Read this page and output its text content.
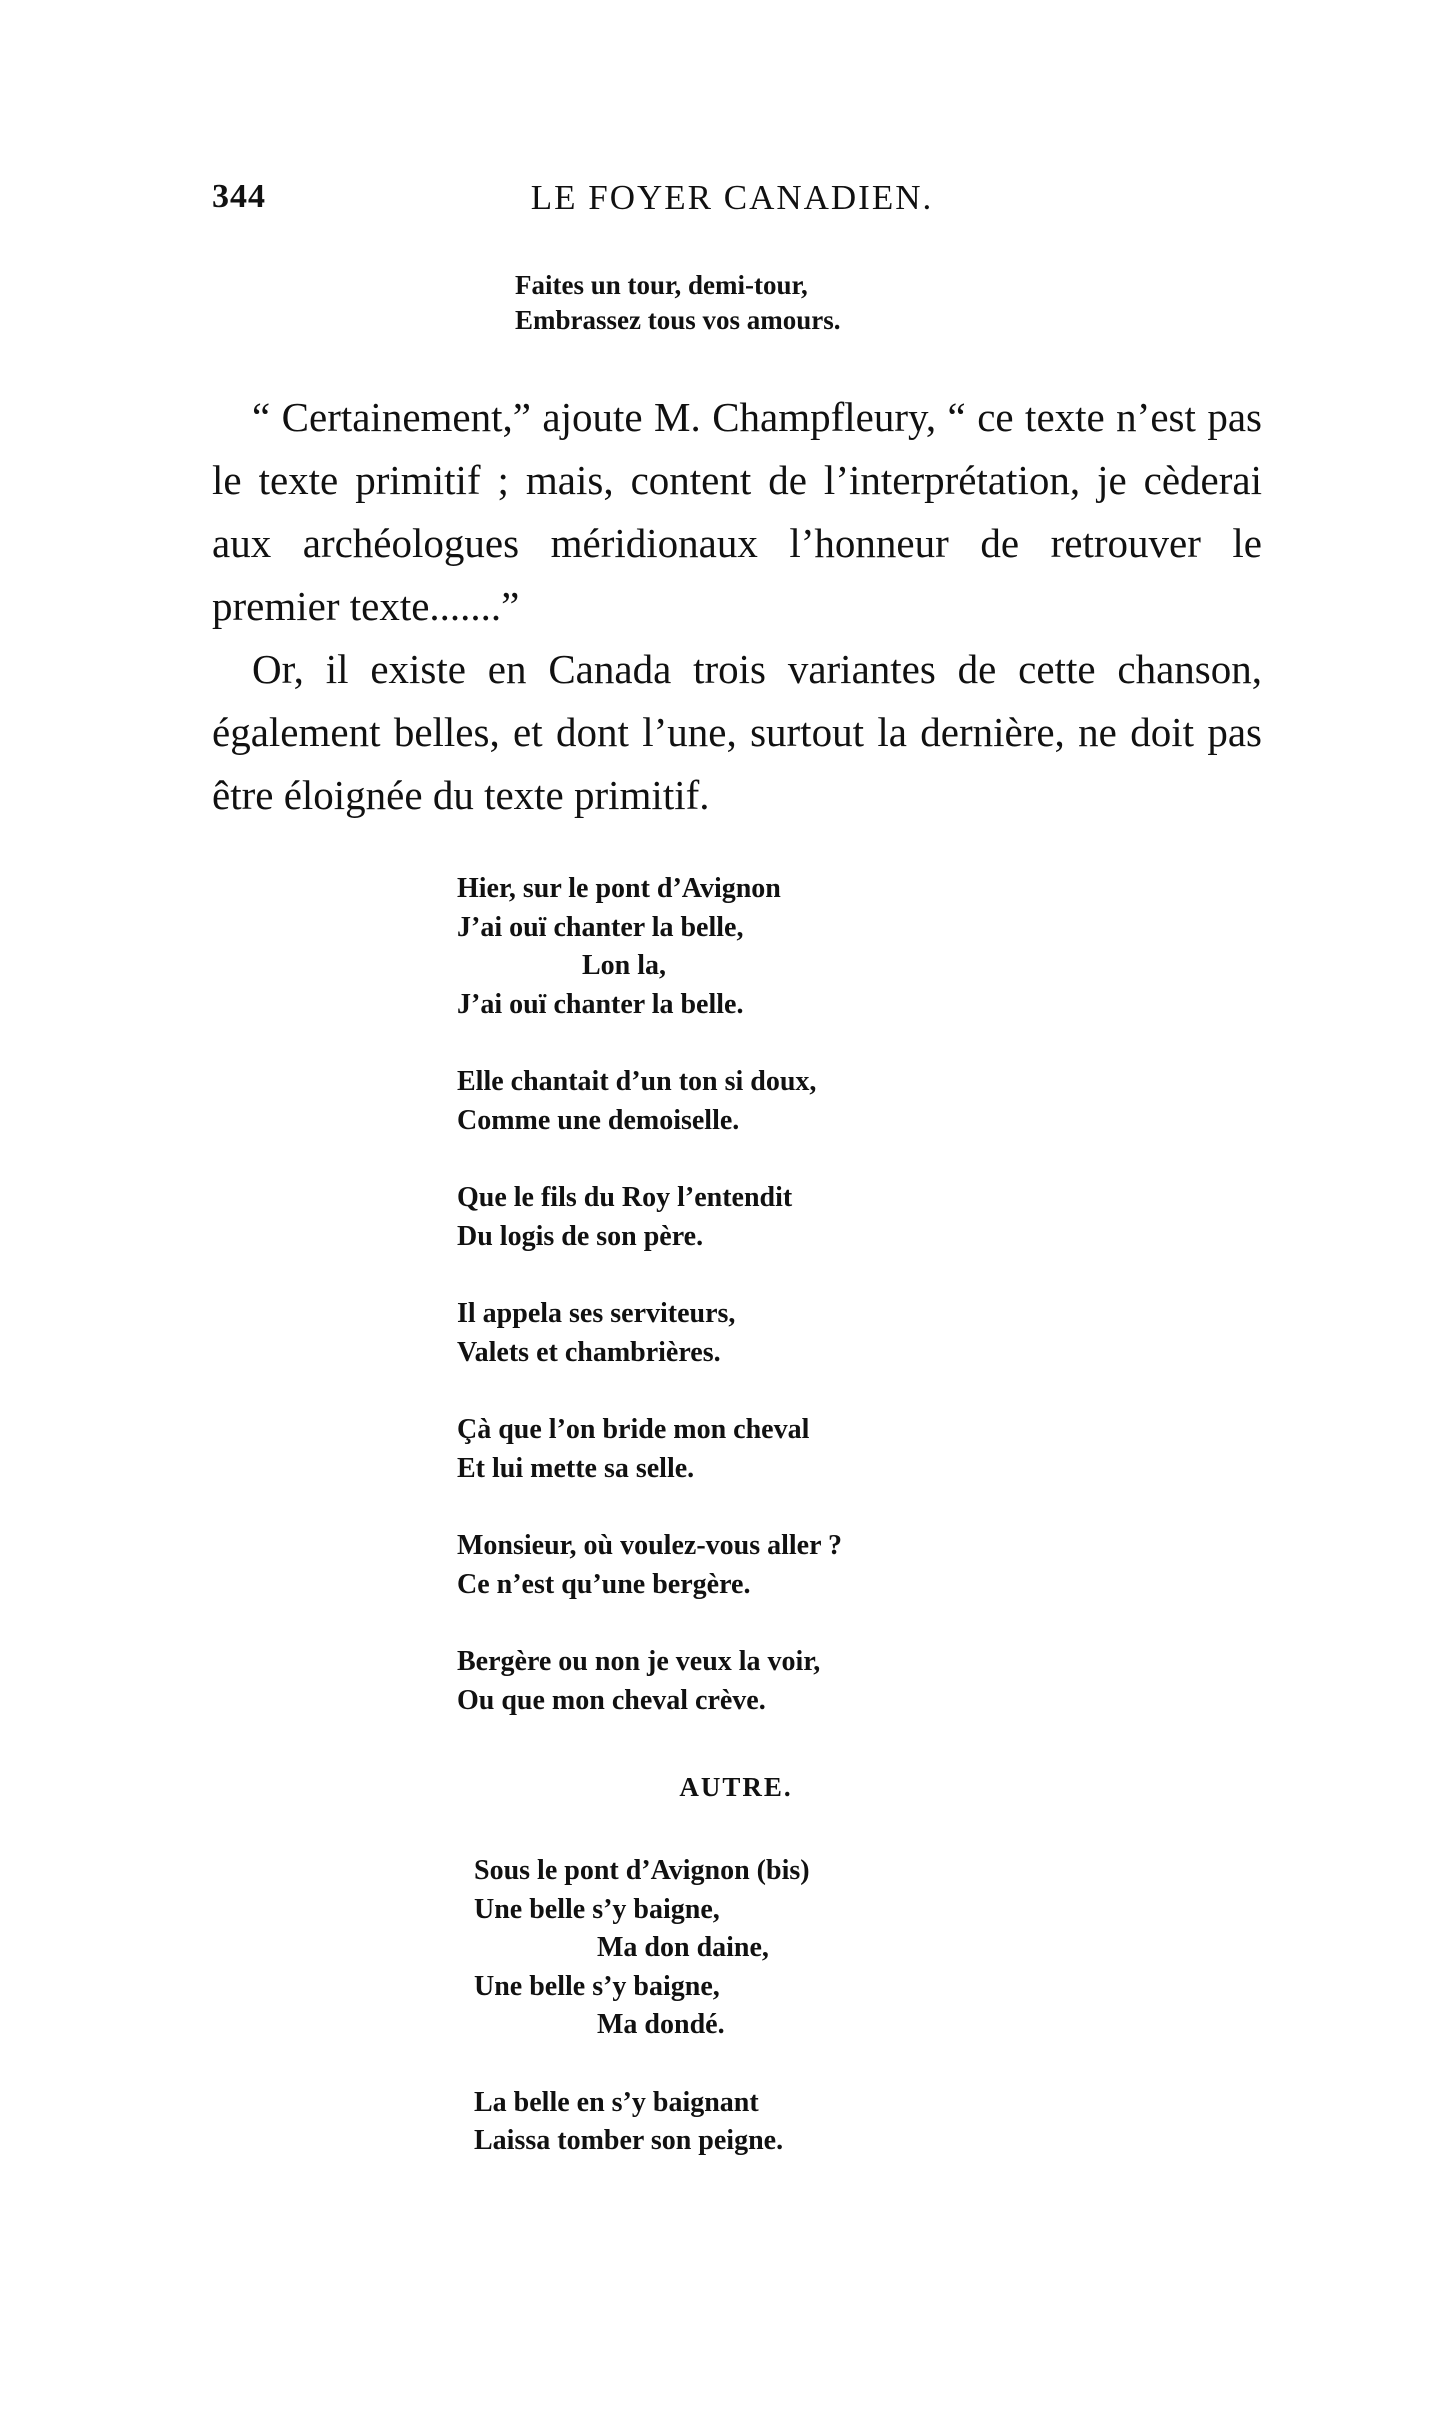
344	LE FOYER CANADIEN.
Faites un tour, demi-tour,
Embrassez tous vos amours.

“ Certainement,” ajoute M. Champfleury, “ ce texte n’est pas le texte primitif ; mais, content de l’interprétation, je cèderai aux archéologues méridionaux l’honneur de retrouver le premier texte.......”

Or, il existe en Canada trois variantes de cette chanson, également belles, et dont l’une, surtout la dernière, ne doit pas être éloignée du texte primitif.

Hier, sur le pont d’Avignon
J’ai ouï chanter la belle,
Lon la,
J’ai ouï chanter la belle.
Elle chantait d’un ton si doux,
Comme une demoiselle.
Que le fils du Roy l’entendit
Du logis de son père.
Il appela ses serviteurs,
Valets et chambrières.
Çà que l’on bride mon cheval
Et lui mette sa selle.
Monsieur, où voulez-vous aller ?
Ce n’est qu’une bergère.
Bergère ou non je veux la voir,
Ou que mon cheval crève.
AUTRE.
Sous le pont d’Avignon (bis)
Une belle s’y baigne,
Ma don daine,
Une belle s’y baigne,
Ma dondé.
La belle en s’y baignant
Laissa tomber son peigne.
